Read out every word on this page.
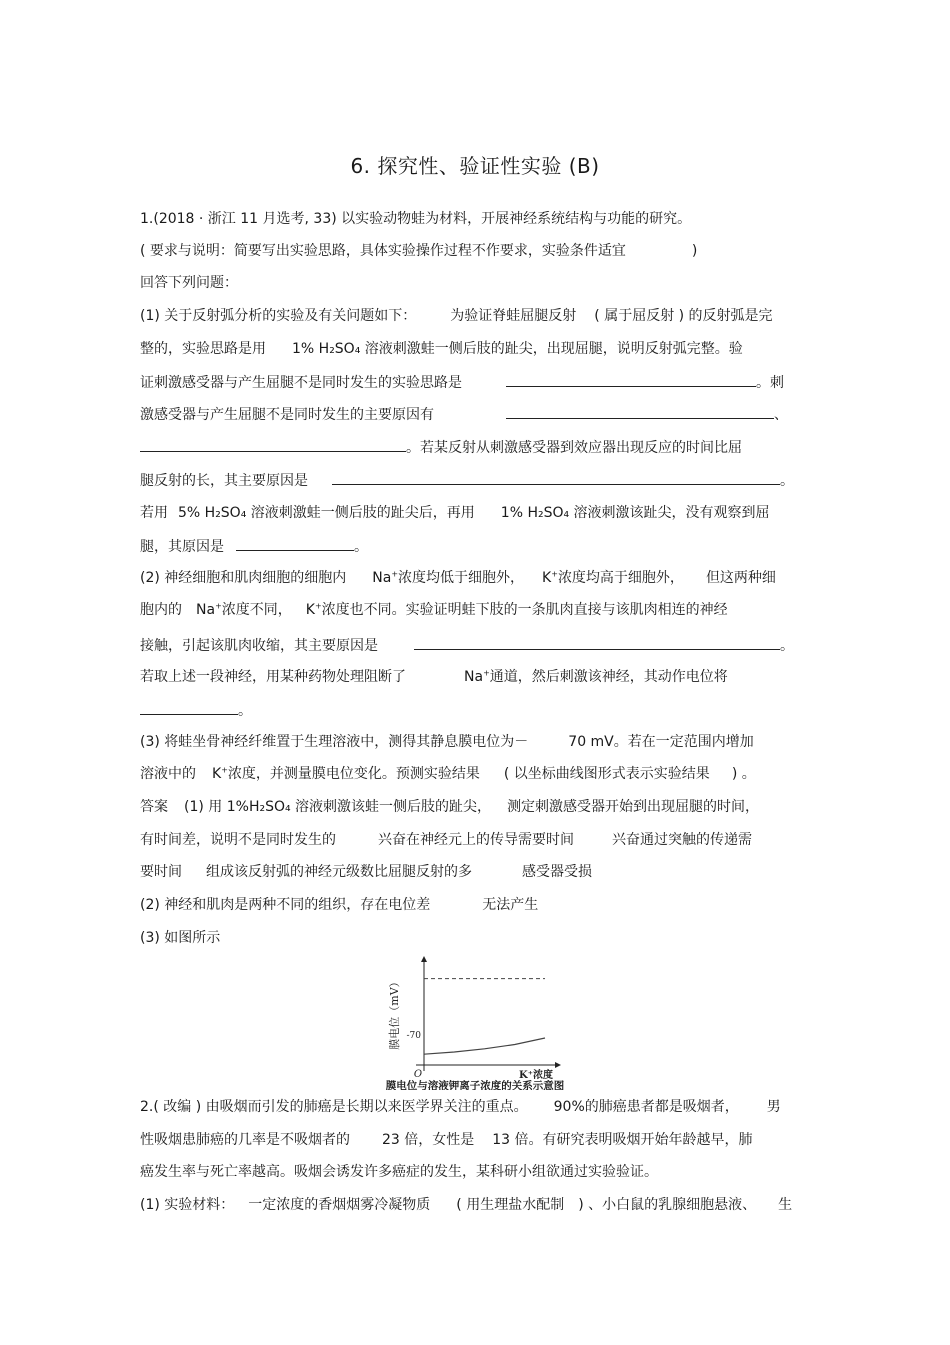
6. 探究性、验证性实验 (B)
1.(2018 · 浙江 11 月选考, 33) 以实验动物蛙为材料，开展神经系统结构与功能的研究。
( 要求与说明：简要写出实验思路，具体实验操作过程不作要求，实验条件适宜	)
回答下列问题：
(1) 关于反射弧分析的实验及有关问题如下： 为验证脊蛙屈腿反射 ( 属于屈反射 ) 的反射弧是完
整的，实验思路是用 1% H₂SO₄ 溶液刺激蛙一侧后肢的趾尖，出现屈腿，说明反射弧完整。验
证刺激感受器与产生屈腿不是同时发生的实验思路是	。刺
激感受器与产生屈腿不是同时发生的主要原因有	、
。若某反射从刺激感受器到效应器出现反应的时间比屈
腿反射的长，其主要原因是	。
若用 5% H₂SO₄ 溶液刺激蛙一侧后肢的趾尖后，再用 1% H₂SO₄ 溶液刺激该趾尖，没有观察到屈
腿，其原因是	。
(2) 神经细胞和肌肉细胞的细胞内 Na+浓度均低于细胞外， K+浓度均高于细胞外， 但这两种细
胞内的 Na+浓度不同， K+浓度也不同。实验证明蛙下肢的一条肌肉直接与该肌肉相连的神经
接触，引起该肌肉收缩，其主要原因是	。
若取上述一段神经，用某种药物处理阻断了	Na+通道，然后刺激该神经，其动作电位将
。
(3) 将蛙坐骨神经纤维置于生理溶液中，测得其静息膜电位为－	70 mV。若在一定范围内增加
溶液中的 K+浓度，并测量膜电位变化。预测实验结果 ( 以坐标曲线图形式表示实验结果 ) 。
答案 (1) 用 1%H₂SO₄ 溶液刺激该蛙一侧后肢的趾尖， 测定刺激感受器开始到出现屈腿的时间，
有时间差，说明不是同时发生的	兴奋在神经元上的传导需要时间	兴奋通过突触的传递需
要时间 组成该反射弧的神经元级数比屈腿反射的多	感受器受损
(2) 神经和肌肉是两种不同的组织，存在电位差	无法产生
(3) 如图所示
膜电位（mV） -70
O	K⁺浓度
膜电位与溶液钾离子浓度的关系示意图
2.( 改编 ) 由吸烟而引发的肺癌是长期以来医学界关注的重点。 90%的肺癌患者都是吸烟者， 男
性吸烟患肺癌的几率是不吸烟者的 23 倍，女性是 13 倍。有研究表明吸烟开始年龄越早，肺
癌发生率与死亡率越高。吸烟会诱发许多癌症的发生，某科研小组欲通过实验验证。
(1) 实验材料： 一定浓度的香烟烟雾冷凝物质 ( 用生理盐水配制 ) 、小白鼠的乳腺细胞悬液、 生
